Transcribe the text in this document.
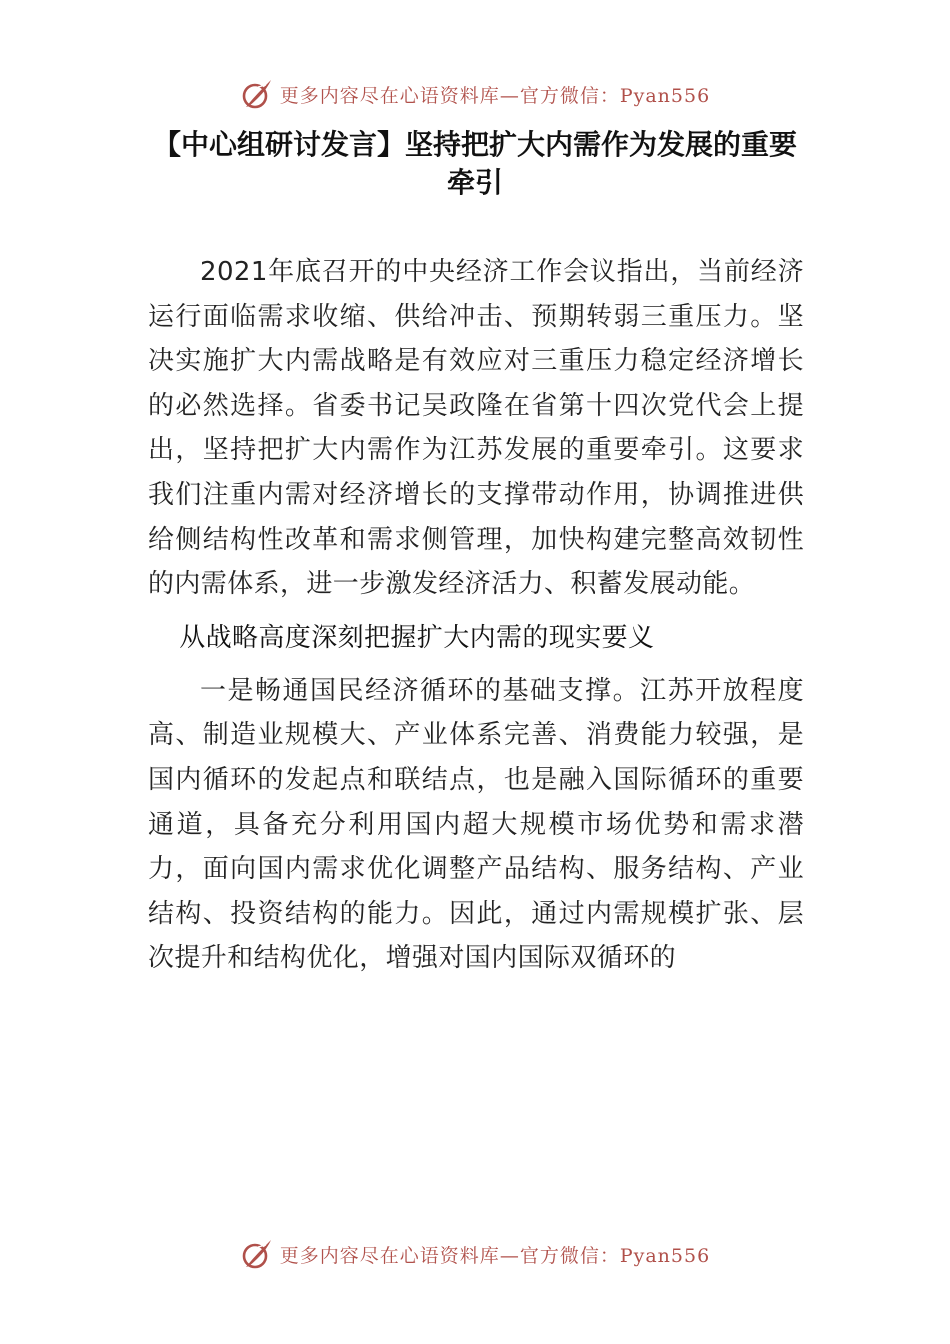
更多内容尽在心语资料库—官方微信：Pyan556
【中心组研讨发言】坚持把扩大内需作为发展的重要牵引

2021年底召开的中央经济工作会议指出，当前经济运行面临需求收缩、供给冲击、预期转弱三重压力。坚决实施扩大内需战略是有效应对三重压力稳定经济增长的必然选择。省委书记吴政隆在省第十四次党代会上提出，坚持把扩大内需作为江苏发展的重要牵引。这要求我们注重内需对经济增长的支撑带动作用，协调推进供给侧结构性改革和需求侧管理，加快构建完整高效韧性的内需体系，进一步激发经济活力、积蓄发展动能。

从战略高度深刻把握扩大内需的现实要义

一是畅通国民经济循环的基础支撑。江苏开放程度高、制造业规模大、产业体系完善、消费能力较强，是国内循环的发起点和联结点，也是融入国际循环的重要通道，具备充分利用国内超大规模市场优势和需求潜力，面向国内需求优化调整产品结构、服务结构、产业结构、投资结构的能力。因此，通过内需规模扩张、层次提升和结构优化，增强对国内国际双循环的

更多内容尽在心语资料库—官方微信：Pyan556
